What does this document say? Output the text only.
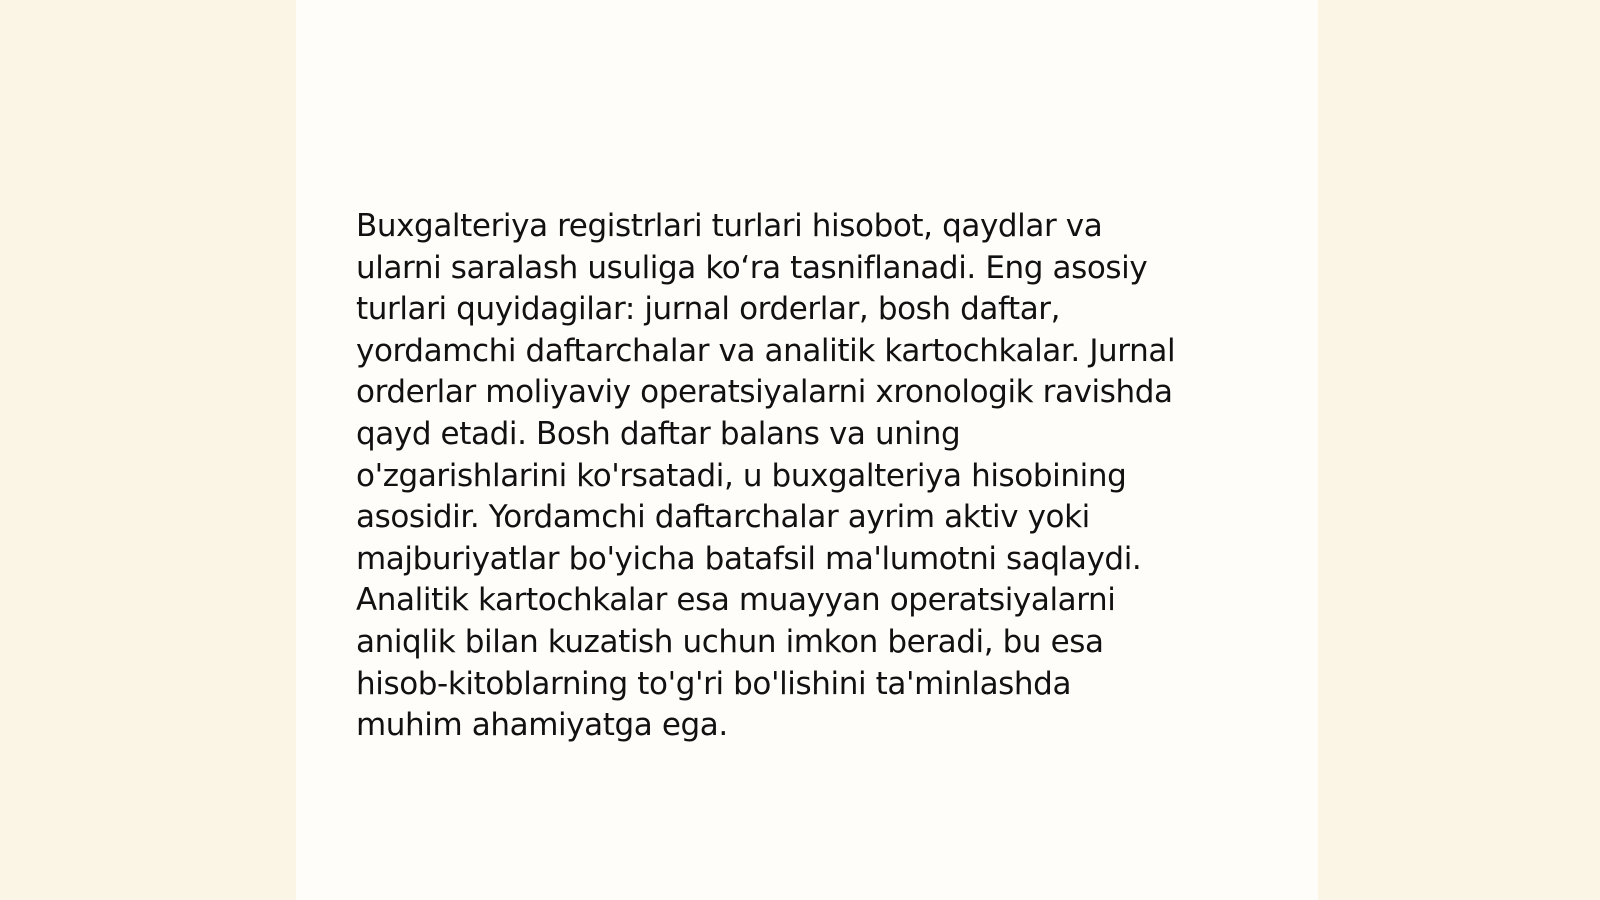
Buxgalteriya registrlari turlari hisobot, qaydlar va
ularni saralash usuliga ko‘ra tasniflanadi. Eng asosiy
turlari quyidagilar: jurnal orderlar, bosh daftar,
yordamchi daftarchalar va analitik kartochkalar. Jurnal
orderlar moliyaviy operatsiyalarni xronologik ravishda
qayd etadi. Bosh daftar balans va uning
o'zgarishlarini ko'rsatadi, u buxgalteriya hisobining
asosidir. Yordamchi daftarchalar ayrim aktiv yoki
majburiyatlar bo'yicha batafsil ma'lumotni saqlaydi.
Analitik kartochkalar esa muayyan operatsiyalarni
aniqlik bilan kuzatish uchun imkon beradi, bu esa
hisob-kitoblarning to'g'ri bo'lishini ta'minlashda
muhim ahamiyatga ega.
